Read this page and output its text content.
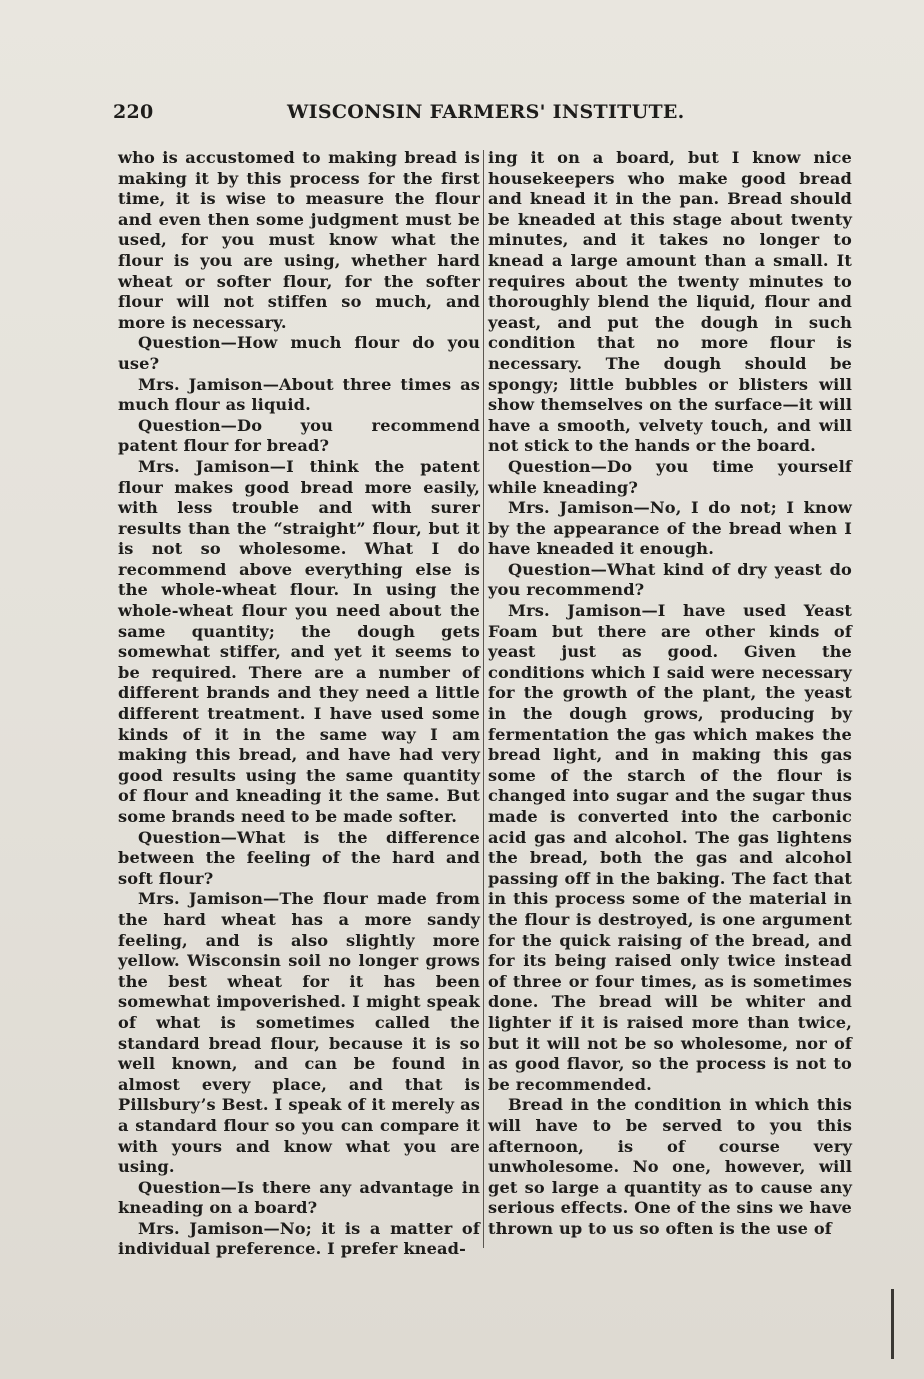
220	WISCONSIN FARMERS' INSTITUTE.

who is accustomed to making bread is making it by this process for the first time, it is wise to measure the flour and even then some judgment must be used, for you must know what the flour is you are using, whether hard wheat or softer flour, for the softer flour will not stiffen so much, and more is necessary.

Question—How much flour do you use?

Mrs. Jamison—About three times as much flour as liquid.

Question—Do you recommend patent flour for bread?

Mrs. Jamison—I think the patent flour makes good bread more easily, with less trouble and with surer results than the “straight” flour, but it is not so wholesome. What I do recommend above everything else is the whole-wheat flour. In using the whole-wheat flour you need about the same quantity; the dough gets somewhat stiffer, and yet it seems to be required. There are a number of different brands and they need a little different treatment. I have used some kinds of it in the same way I am making this bread, and have had very good results using the same quantity of flour and kneading it the same. But some brands need to be made softer.

Question—What is the difference between the feeling of the hard and soft flour?

Mrs. Jamison—The flour made from the hard wheat has a more sandy feeling, and is also slightly more yellow. Wisconsin soil no longer grows the best wheat for it has been somewhat impoverished. I might speak of what is sometimes called the standard bread flour, because it is so well known, and can be found in almost every place, and that is Pillsbury’s Best. I speak of it merely as a standard flour so you can compare it with yours and know what you are using.

Question—Is there any advantage in kneading on a board?

Mrs. Jamison—No; it is a matter of individual preference. I prefer knead-

ing it on a board, but I know nice housekeepers who make good bread and knead it in the pan. Bread should be kneaded at this stage about twenty minutes, and it takes no longer to knead a large amount than a small. It requires about the twenty minutes to thoroughly blend the liquid, flour and yeast, and put the dough in such condition that no more flour is necessary. The dough should be spongy; little bubbles or blisters will show themselves on the surface—it will have a smooth, velvety touch, and will not stick to the hands or the board.

Question—Do you time yourself while kneading?

Mrs. Jamison—No, I do not; I know by the appearance of the bread when I have kneaded it enough.

Question—What kind of dry yeast do you recommend?

Mrs. Jamison—I have used Yeast Foam but there are other kinds of yeast just as good. Given the conditions which I said were necessary for the growth of the plant, the yeast in the dough grows, producing by fermentation the gas which makes the bread light, and in making this gas some of the starch of the flour is changed into sugar and the sugar thus made is converted into the carbonic acid gas and alcohol. The gas lightens the bread, both the gas and alcohol passing off in the baking. The fact that in this process some of the material in the flour is destroyed, is one argument for the quick raising of the bread, and for its being raised only twice instead of three or four times, as is sometimes done. The bread will be whiter and lighter if it is raised more than twice, but it will not be so wholesome, nor of as good flavor, so the process is not to be recommended.

Bread in the condition in which this will have to be served to you this afternoon, is of course very unwholesome. No one, however, will get so large a quantity as to cause any serious effects. One of the sins we have thrown up to us so often is the use of
